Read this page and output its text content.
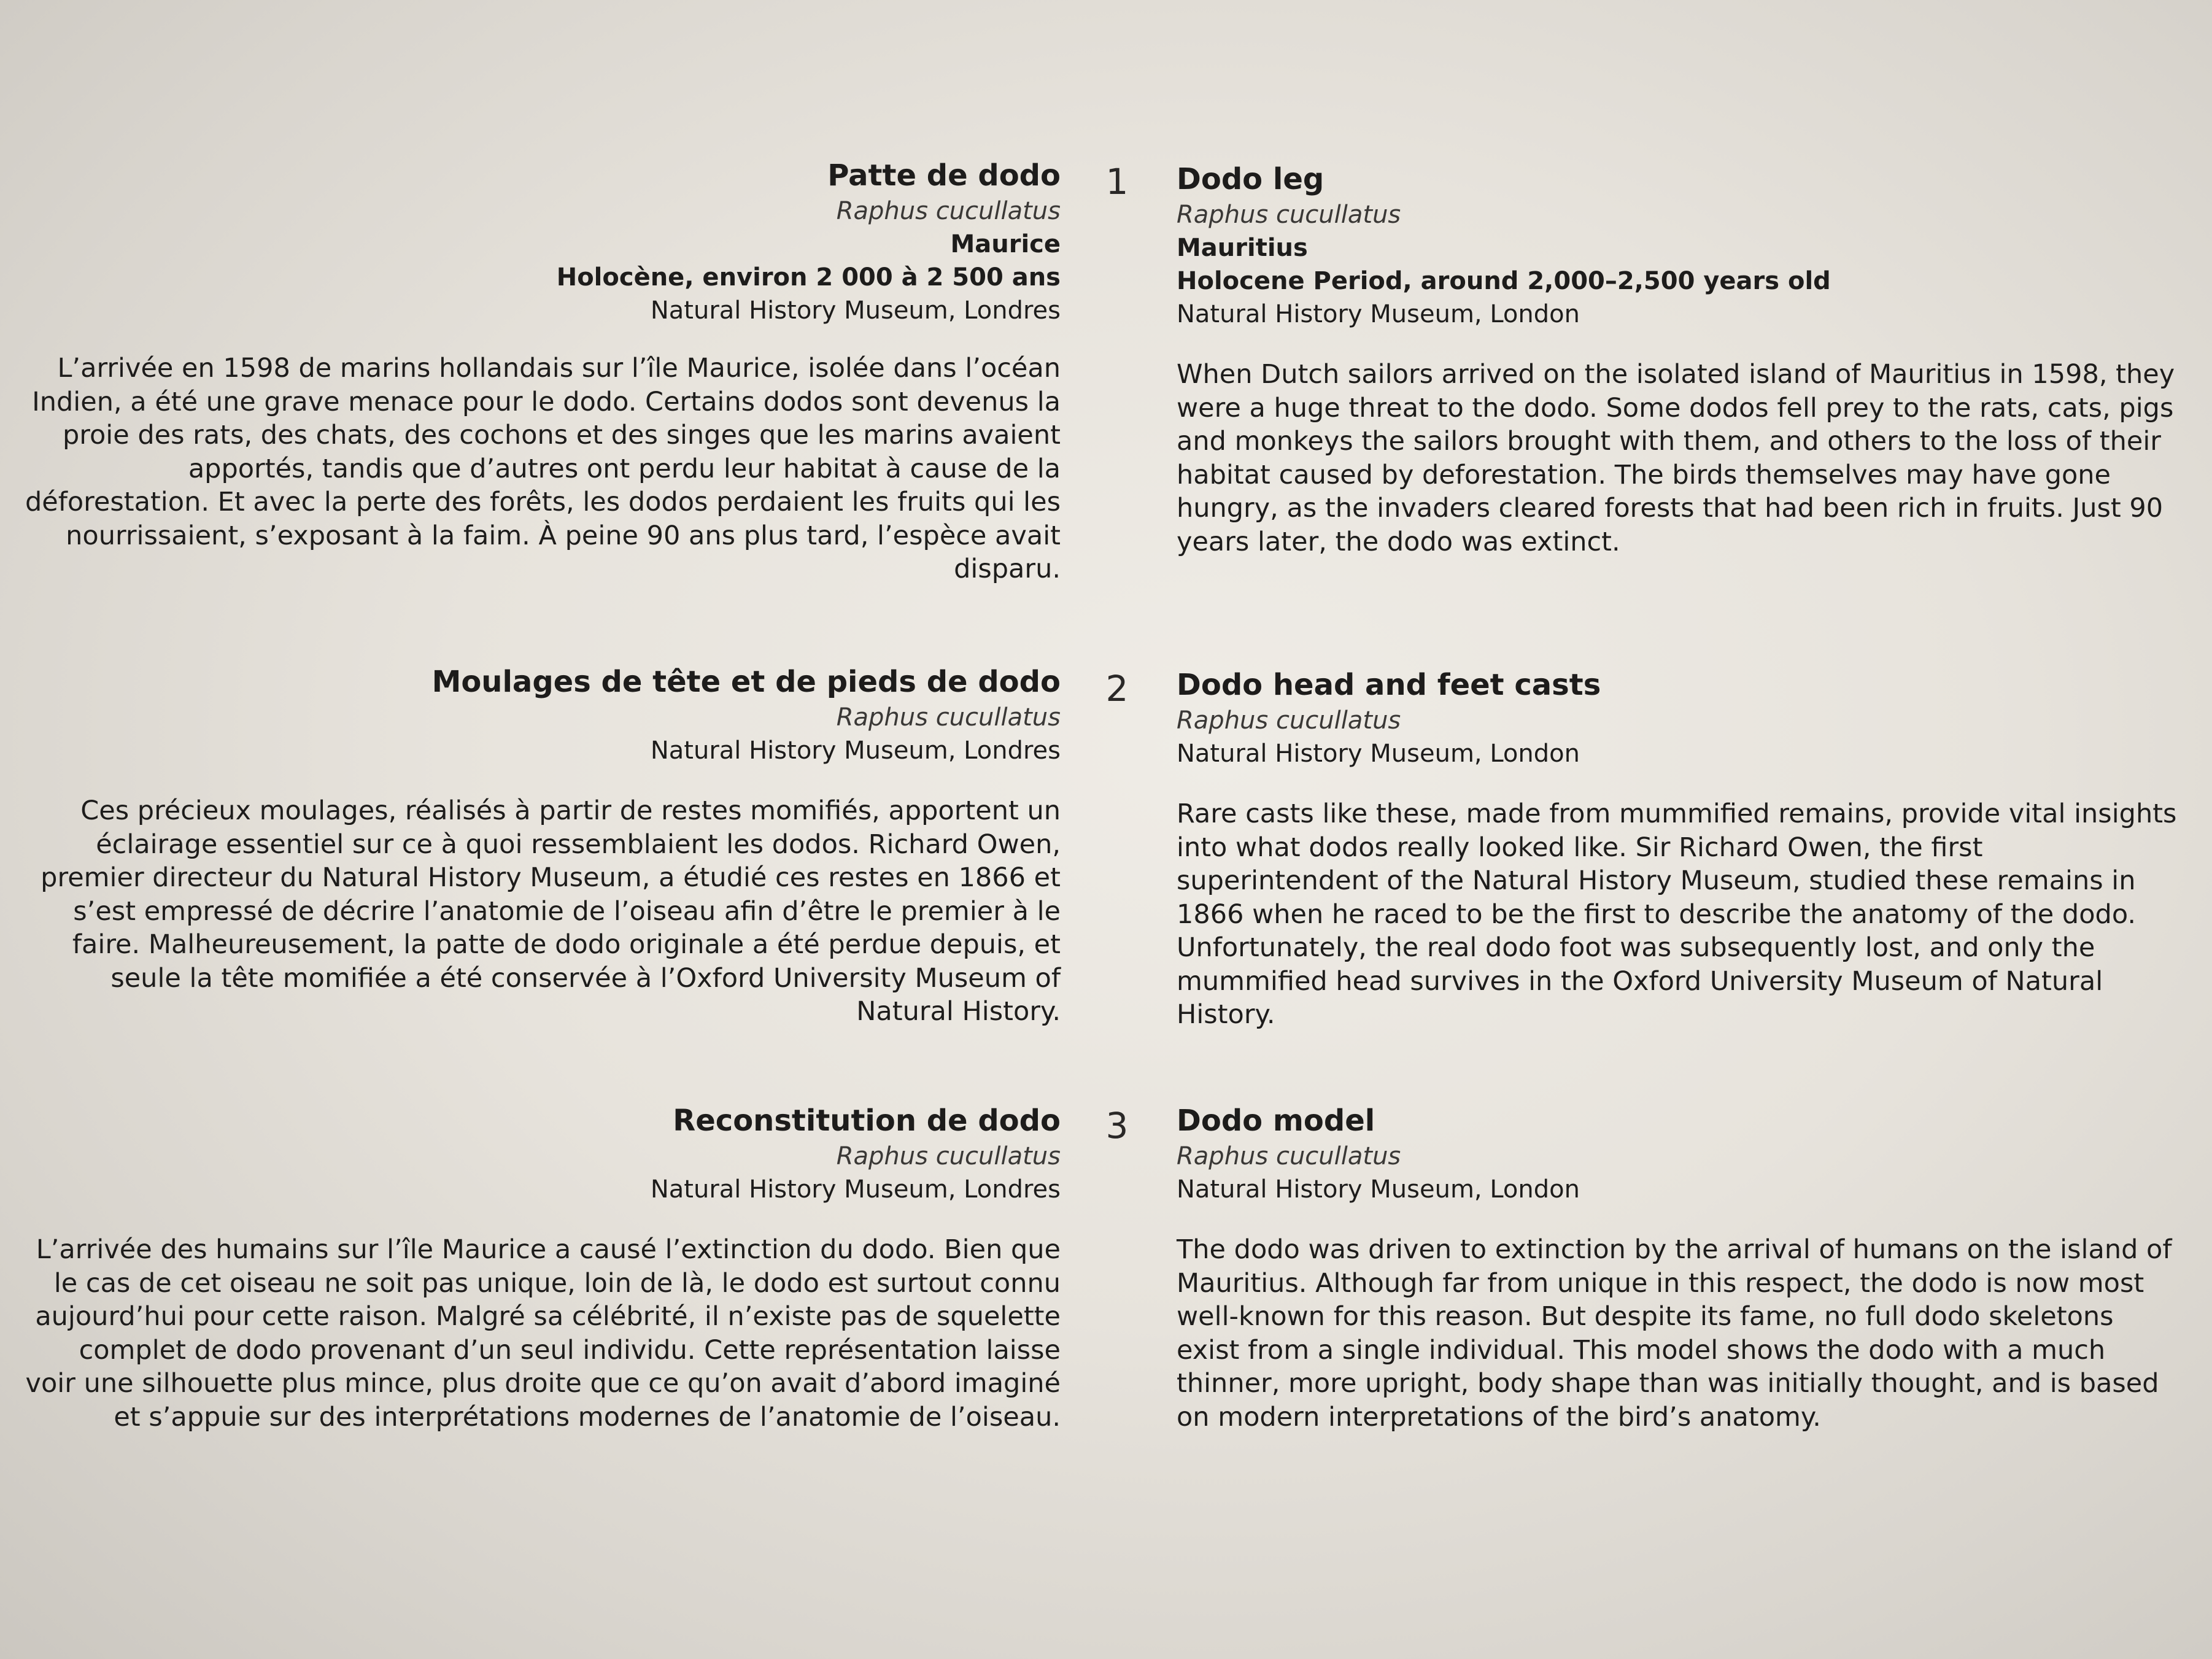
Patte de dodo

Raphus cucullatus

Maurice

Holocène, environ 2 000 à 2 500 ans

Natural History Museum, Londres

L’arrivée en 1598 de marins hollandais sur l’île Maurice, isolée dans l’océan Indien, a été une grave menace pour le dodo. Certains dodos sont devenus la proie des rats, des chats, des cochons et des singes que les marins avaient apportés, tandis que d’autres ont perdu leur habitat à cause de la déforestation. Et avec la perte des forêts, les dodos perdaient les fruits qui les nourrissaient, s’exposant à la faim. À peine 90 ans plus tard, l’espèce avait disparu.

1 Dodo leg

Raphus cucullatus

Mauritius

Holocene Period, around 2,000–2,500 years old

Natural History Museum, London

When Dutch sailors arrived on the isolated island of Mauritius in 1598, they were a huge threat to the dodo. Some dodos fell prey to the rats, cats, pigs and monkeys the sailors brought with them, and others to the loss of their habitat caused by deforestation. The birds themselves may have gone hungry, as the invaders cleared forests that had been rich in fruits. Just 90 years later, the dodo was extinct.

Moulages de tête et de pieds de dodo

Raphus cucullatus

Natural History Museum, Londres

Ces précieux moulages, réalisés à partir de restes momifiés, apportent un éclairage essentiel sur ce à quoi ressemblaient les dodos. Richard Owen, premier directeur du Natural History Museum, a étudié ces restes en 1866 et s’est empressé de décrire l’anatomie de l’oiseau afin d’être le premier à le faire. Malheureusement, la patte de dodo originale a été perdue depuis, et seule la tête momifiée a été conservée à l’Oxford University Museum of Natural History.

2 Dodo head and feet casts

Raphus cucullatus

Natural History Museum, London

Rare casts like these, made from mummified remains, provide vital insights into what dodos really looked like. Sir Richard Owen, the first superintendent of the Natural History Museum, studied these remains in 1866 when he raced to be the first to describe the anatomy of the dodo. Unfortunately, the real dodo foot was subsequently lost, and only the mummified head survives in the Oxford University Museum of Natural History.

Reconstitution de dodo

Raphus cucullatus

Natural History Museum, Londres

L’arrivée des humains sur l’île Maurice a causé l’extinction du dodo. Bien que le cas de cet oiseau ne soit pas unique, loin de là, le dodo est surtout connu aujourd’hui pour cette raison. Malgré sa célébrité, il n’existe pas de squelette complet de dodo provenant d’un seul individu. Cette représentation laisse voir une silhouette plus mince, plus droite que ce qu’on avait d’abord imaginé et s’appuie sur des interprétations modernes de l’anatomie de l’oiseau.

3 Dodo model

Raphus cucullatus

Natural History Museum, London

The dodo was driven to extinction by the arrival of humans on the island of Mauritius. Although far from unique in this respect, the dodo is now most well-known for this reason. But despite its fame, no full dodo skeletons exist from a single individual. This model shows the dodo with a much thinner, more upright, body shape than was initially thought, and is based on modern interpretations of the bird’s anatomy.
